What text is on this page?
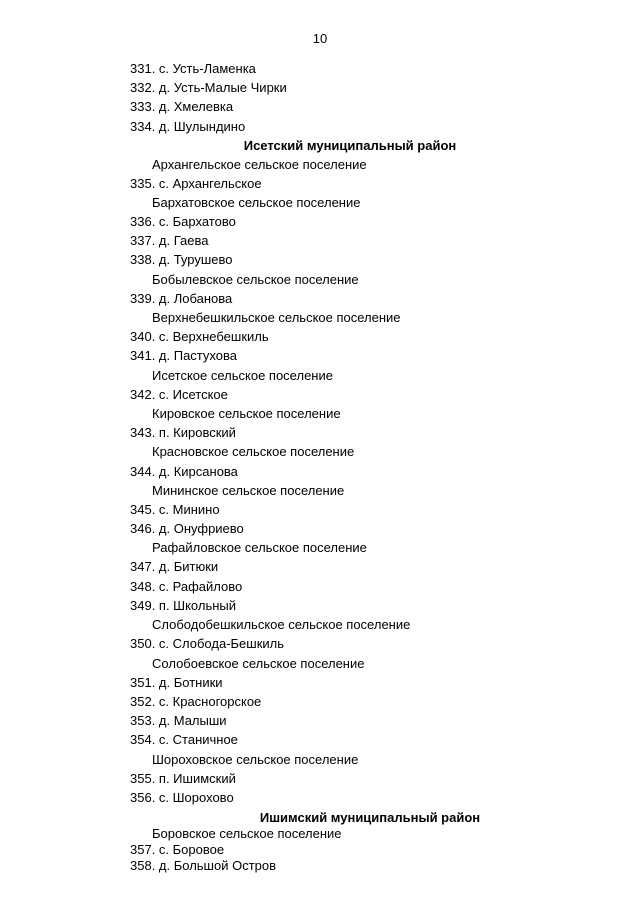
10
331. с. Усть-Ламенка
332. д. Усть-Малые Чирки
333. д. Хмелевка
334. д. Шулындино
Исетский муниципальный район
Архангельское сельское поселение
335. с. Архангельское
Бархатовское сельское поселение
336. с. Бархатово
337. д. Гаева
338. д. Турушево
Бобылевское сельское поселение
339. д. Лобанова
Верхнебешкильское сельское поселение
340. с. Верхнебешкиль
341. д. Пастухова
Исетское сельское поселение
342. с. Исетское
Кировское сельское поселение
343. п. Кировский
Красновское сельское поселение
344. д. Кирсанова
Мининское сельское поселение
345. с. Минино
346. д. Онуфриево
Рафайловское сельское поселение
347. д. Битюки
348. с. Рафайлово
349. п. Школьный
Слободобешкильское сельское поселение
350. с. Слобода-Бешкиль
Солобоевское сельское поселение
351. д. Ботники
352. с. Красногорское
353. д. Малыши
354. с. Станичное
Шороховское сельское поселение
355. п. Ишимский
356. с. Шорохово
Ишимский муниципальный район
Боровское сельское поселение
357. с. Боровое
358. д. Большой Остров
